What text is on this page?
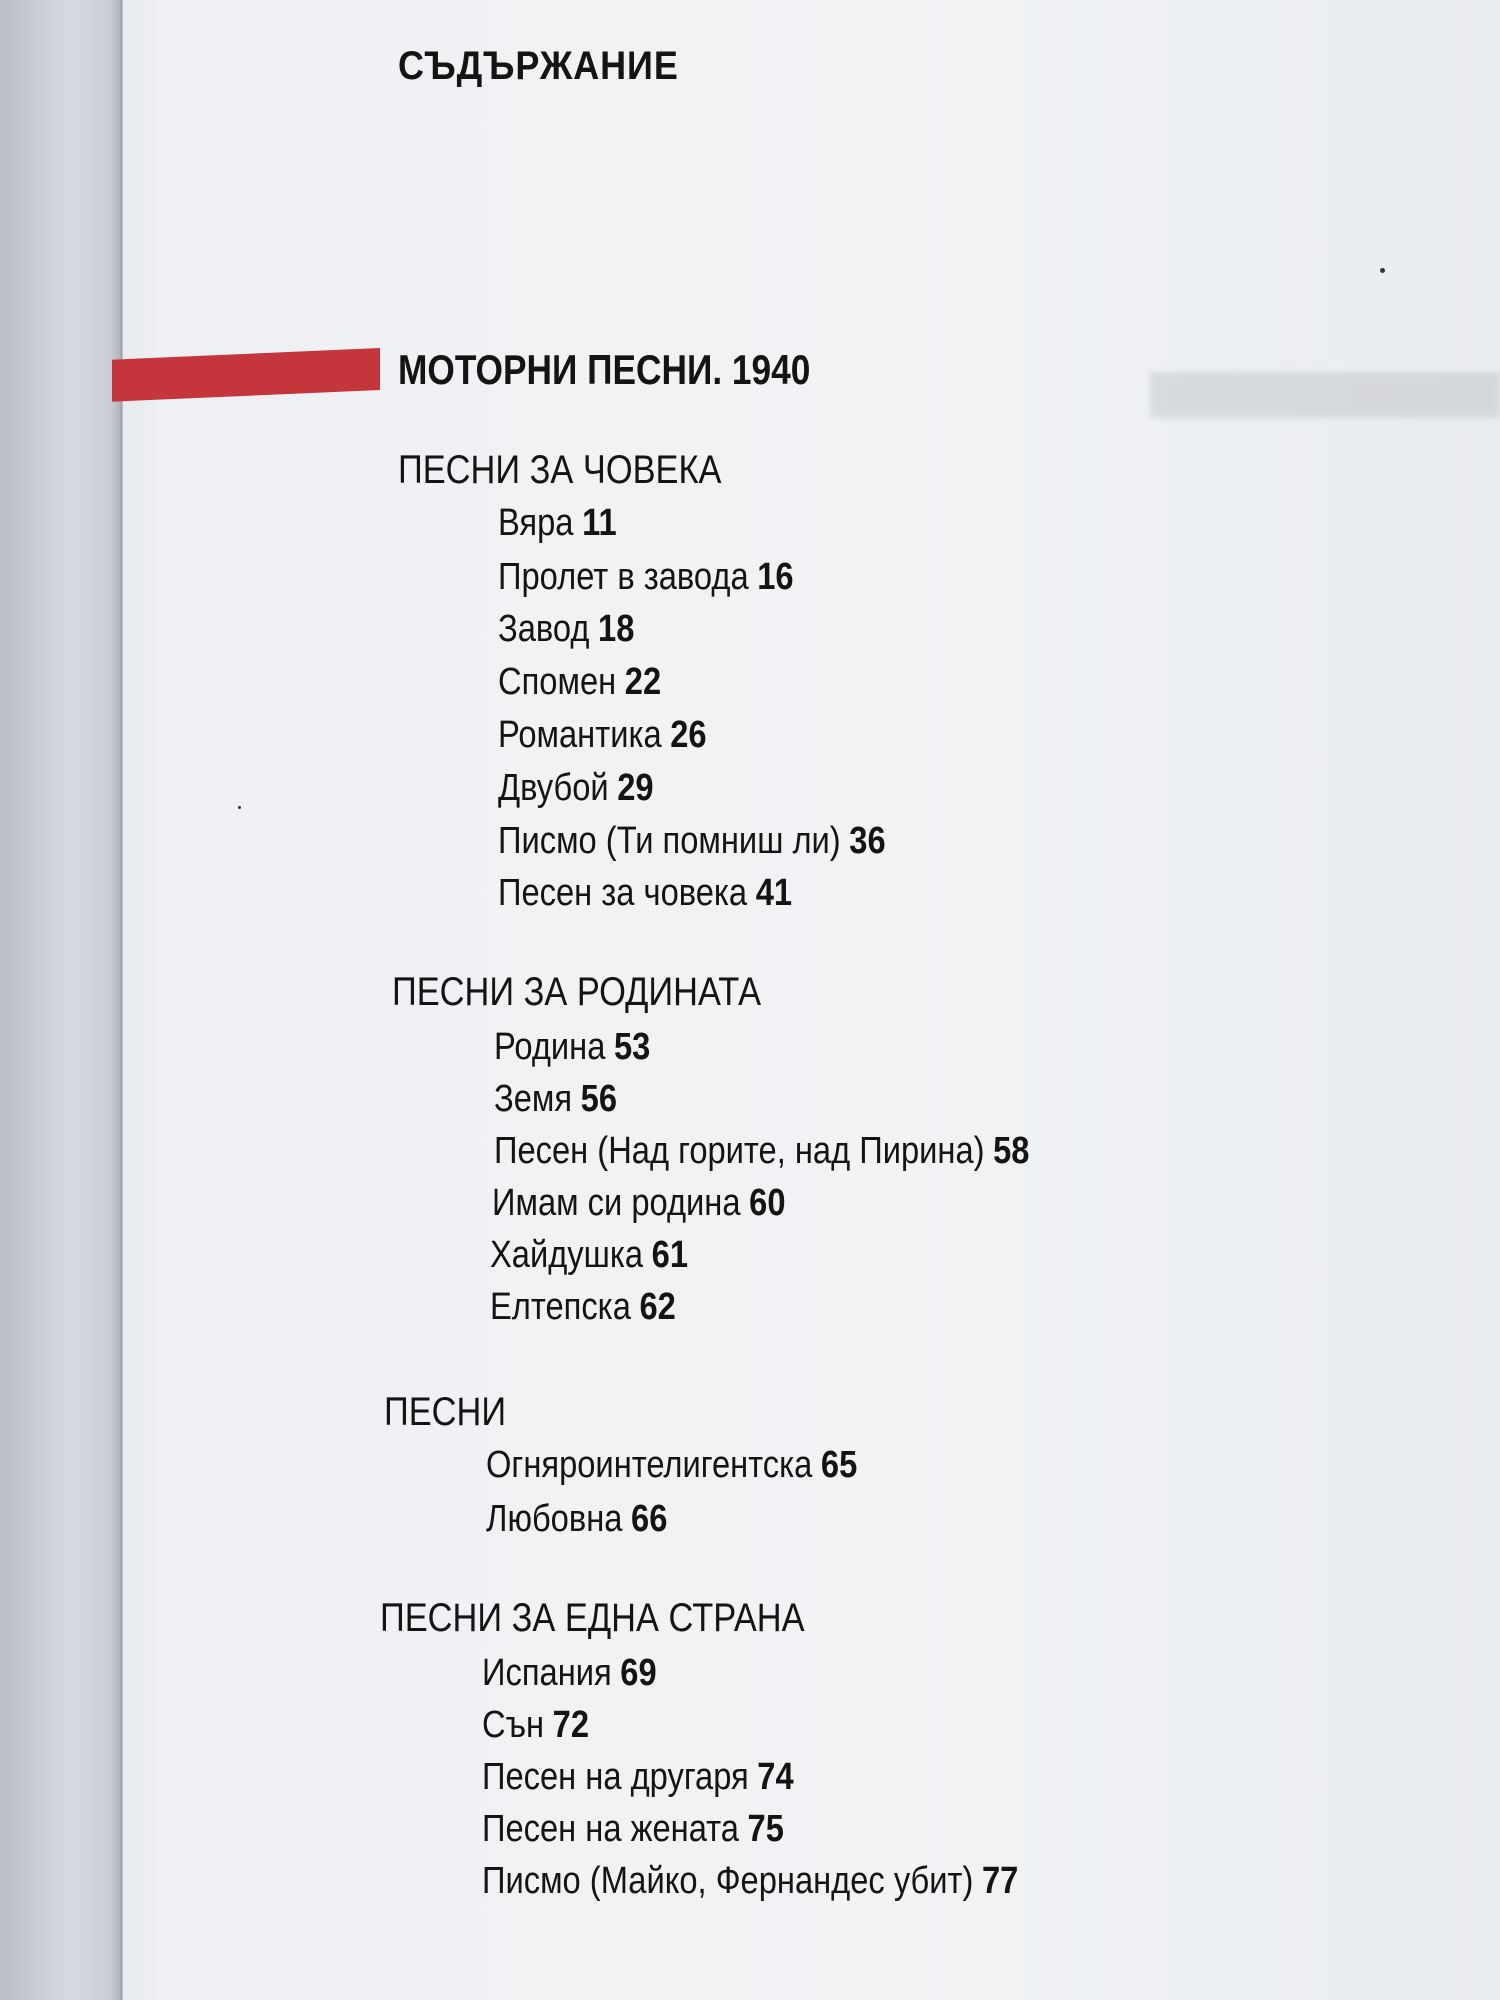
СЪДЪРЖАНИЕ
МОТОРНИ ПЕСНИ. 1940
ПЕСНИ ЗА ЧОВЕКА
Вяра 11
Пролет в завода 16
Завод 18
Спомен 22
Романтика 26
Двубой 29
Писмо (Ти помниш ли) 36
Песен за човека 41
ПЕСНИ ЗА РОДИНАТА
Родина 53
Земя 56
Песен (Над горите, над Пирина) 58
Имам си родина 60
Хайдушка 61
Елтепска 62
ПЕСНИ
Огняроинтелигентска 65
Любовна 66
ПЕСНИ ЗА ЕДНА СТРАНА
Испания 69
Сън 72
Песен на другаря 74
Песен на жената 75
Писмо (Майко, Фернандес убит) 77
